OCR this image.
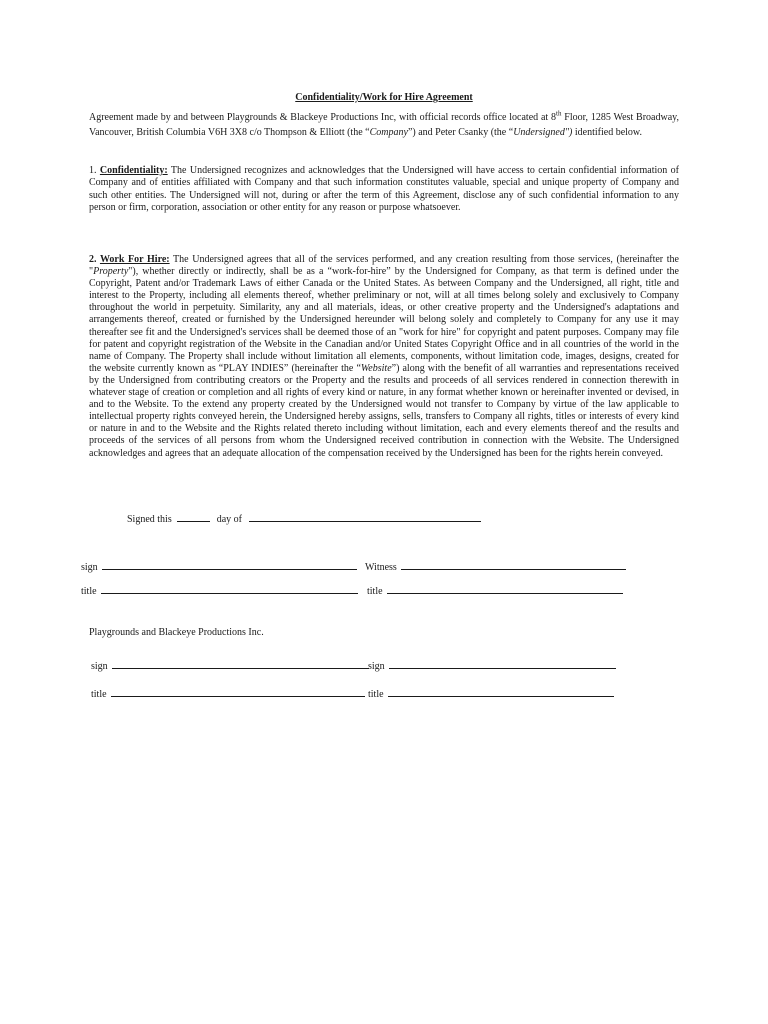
Confidentiality/Work for Hire Agreement
Agreement made by and between Playgrounds & Blackeye Productions Inc, with official records office located at 8th Floor, 1285 West Broadway, Vancouver, British Columbia V6H 3X8 c/o Thompson & Elliott (the “Company”) and Peter Csanky (the “Undersigned") identified below.
1. Confidentiality: The Undersigned recognizes and acknowledges that the Undersigned will have access to certain confidential information of Company and of entities affiliated with Company and that such information constitutes valuable, special and unique property of Company and such other entities. The Undersigned will not, during or after the term of this Agreement, disclose any of such confidential information to any person or firm, corporation, association or other entity for any reason or purpose whatsoever.
2. Work For Hire: The Undersigned agrees that all of the services performed, and any creation resulting from those services, (hereinafter the "Property"), whether directly or indirectly, shall be as a “work-for-hire” by the Undersigned for Company, as that term is defined under the Copyright, Patent and/or Trademark Laws of either Canada or the United States. As between Company and the Undersigned, all right, title and interest to the Property, including all elements thereof, whether preliminary or not, will at all times belong solely and exclusively to Company throughout the world in perpetuity. Similarity, any and all materials, ideas, or other creative property and the Undersigned's adaptations and arrangements thereof, created or furnished by the Undersigned hereunder will belong solely and completely to Company for any use it may thereafter see fit and the Undersigned's services shall be deemed those of an "work for hire" for copyright and patent purposes. Company may file for patent and copyright registration of the Website in the Canadian and/or United States Copyright Office and in all countries of the world in the name of Company. The Property shall include without limitation all elements, components, without limitation code, images, designs, created for the website currently known as “PLAY INDIES” (hereinafter the “Website”) along with the benefit of all warranties and representations received by the Undersigned from contributing creators or the Property and the results and proceeds of all services rendered in connection therewith in whatever stage of creation or completion and all rights of every kind or nature, in any format whether known or hereinafter invented or devised, in and to the Website. To the extend any property created by the Undersigned would not transfer to Company by virtue of the law applicable to intellectual property rights conveyed herein, the Undersigned hereby assigns, sells, transfers to Company all rights, titles or interests of every kind or nature in and to the Website and the Rights related thereto including without limitation, each and every elements thereof and the results and proceeds of the services of all persons from whom the Undersigned received contribution in connection with the Website. The Undersigned acknowledges and agrees that an adequate allocation of the compensation received by the Undersigned has been for the rights herein conveyed.
Signed this	day of
sign	Witness
title	title
Playgrounds and Blackeye Productions Inc.
sign	sign
title	title
